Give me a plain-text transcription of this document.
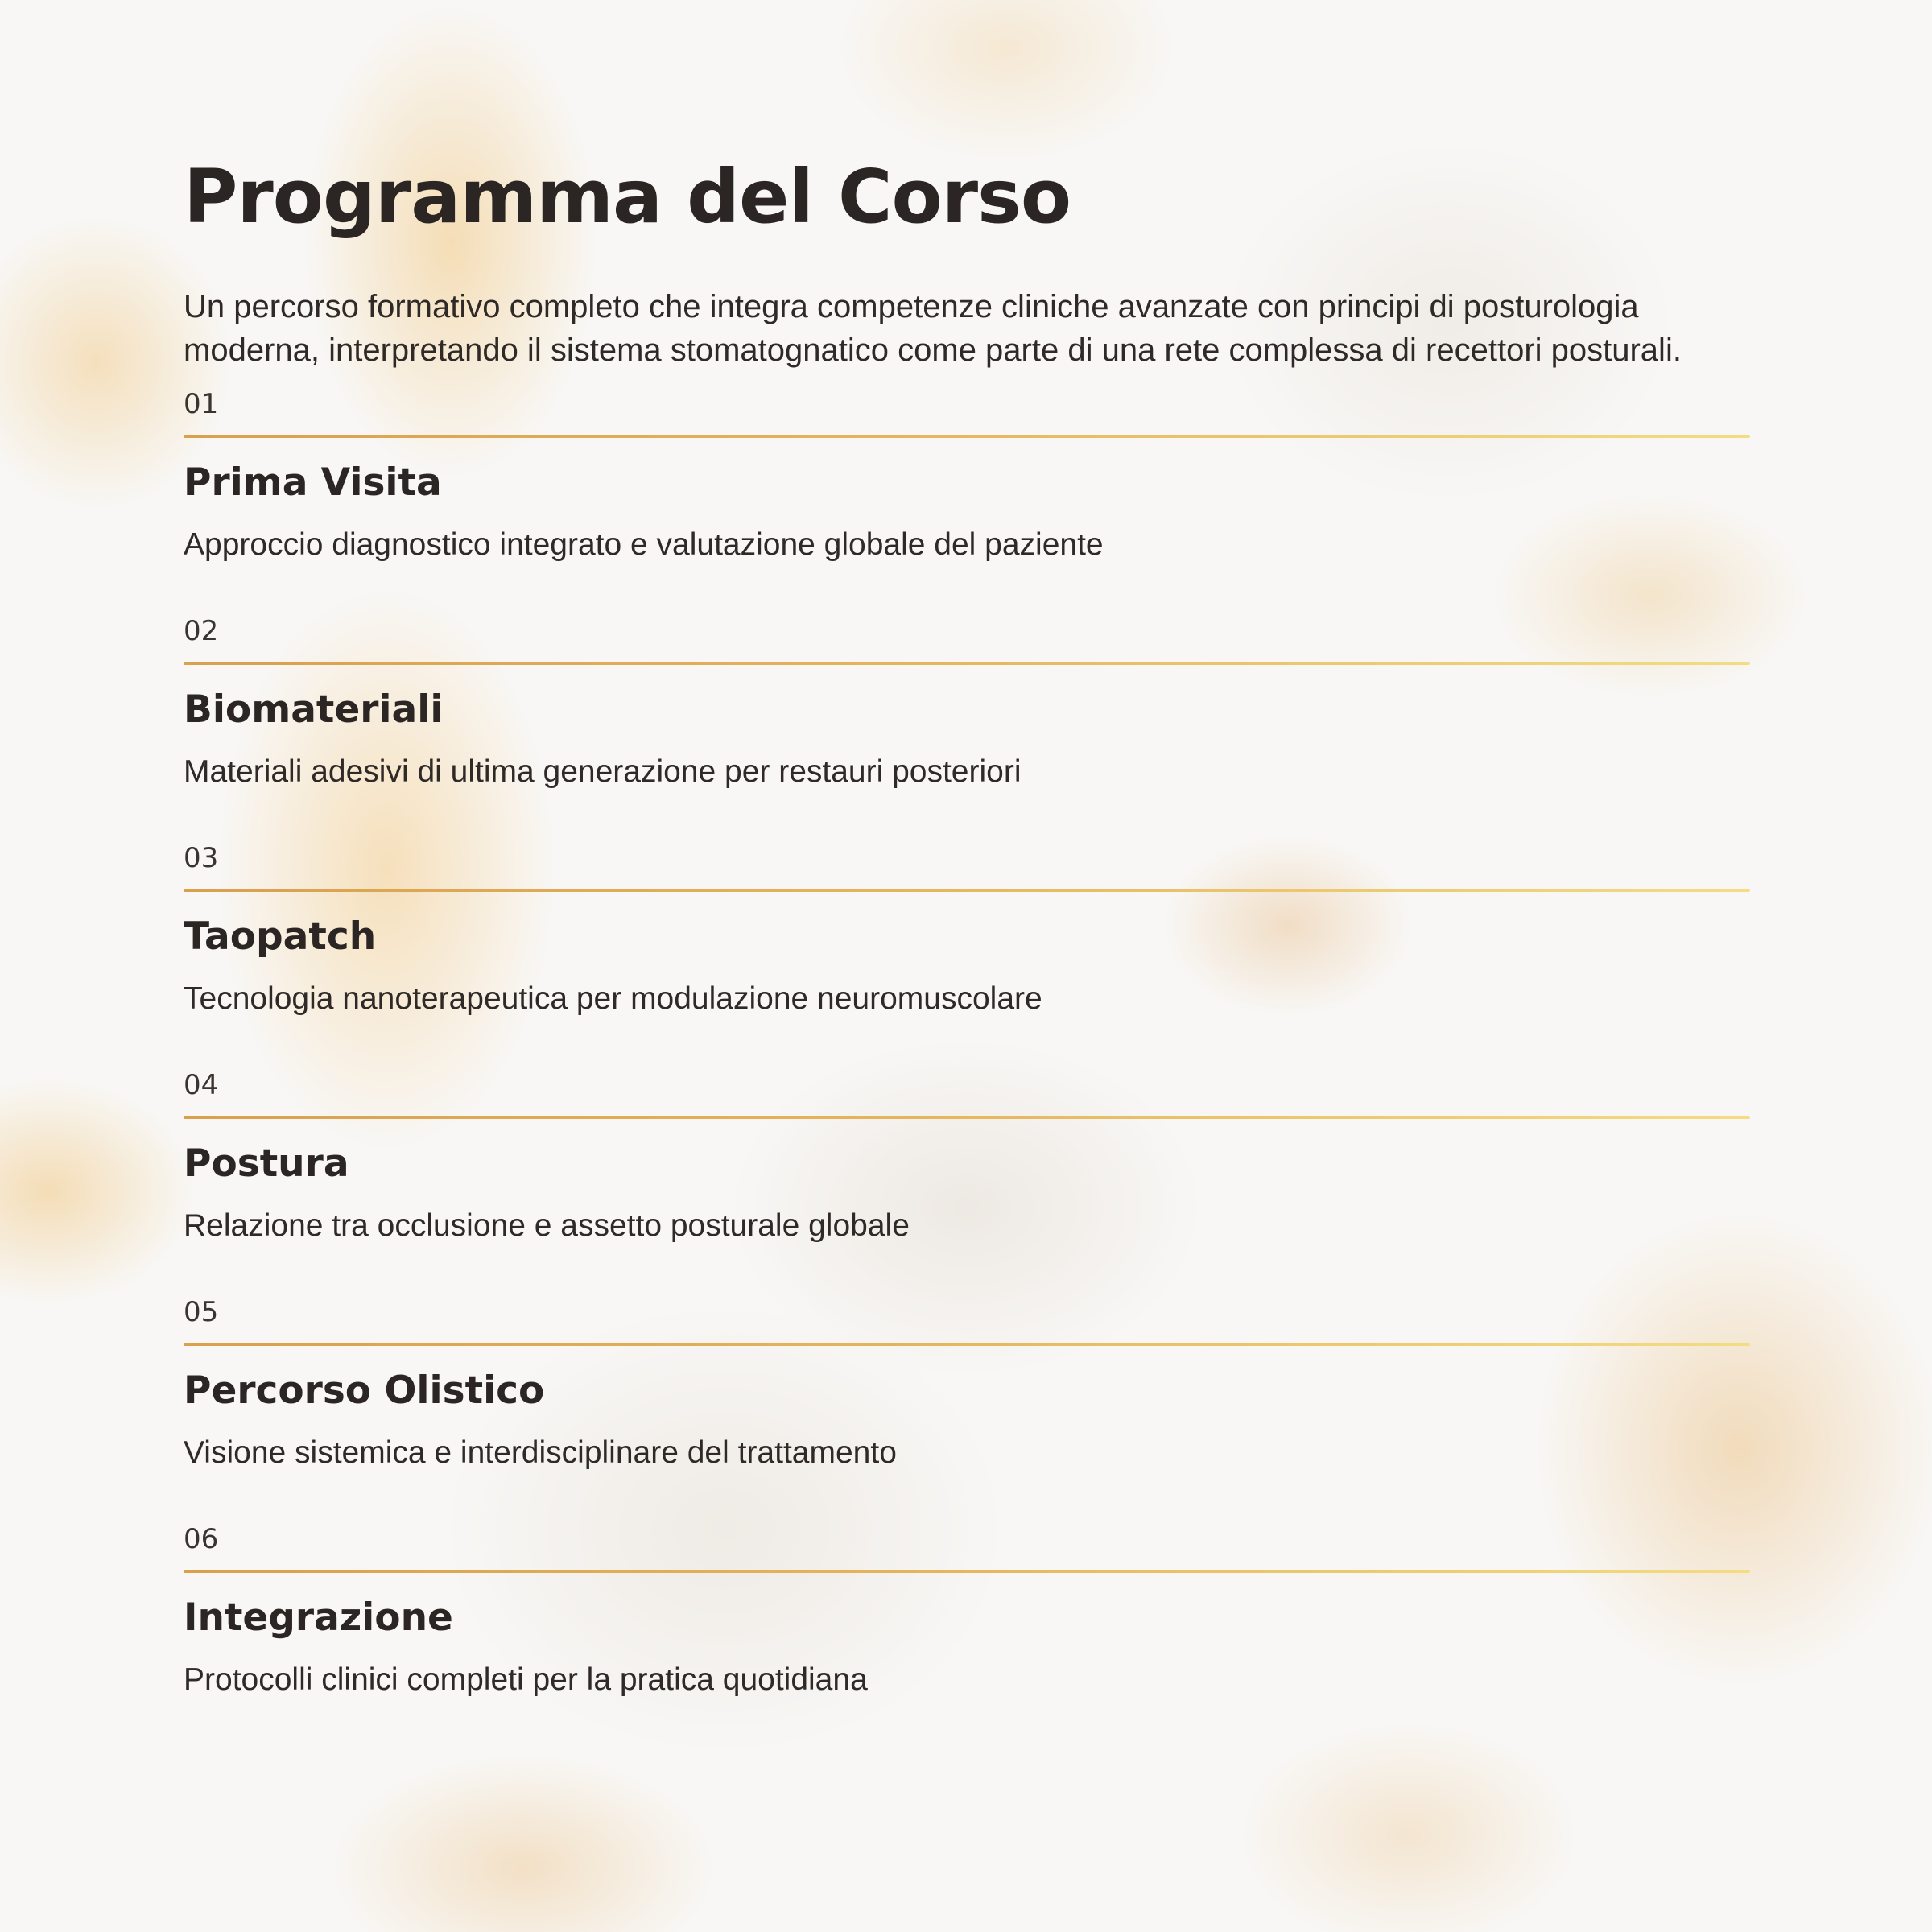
Programma del Corso

Un percorso formativo completo che integra competenze cliniche avanzate con principi di posturologia moderna, interpretando il sistema stomatognatico come parte di una rete complessa di recettori posturali.

01
Prima Visita

Approccio diagnostico integrato e valutazione globale del paziente

02
Biomateriali

Materiali adesivi di ultima generazione per restauri posteriori

03
Taopatch

Tecnologia nanoterapeutica per modulazione neuromuscolare

04
Postura

Relazione tra occlusione e assetto posturale globale

05
Percorso Olistico

Visione sistemica e interdisciplinare del trattamento

06
Integrazione

Protocolli clinici completi per la pratica quotidiana
